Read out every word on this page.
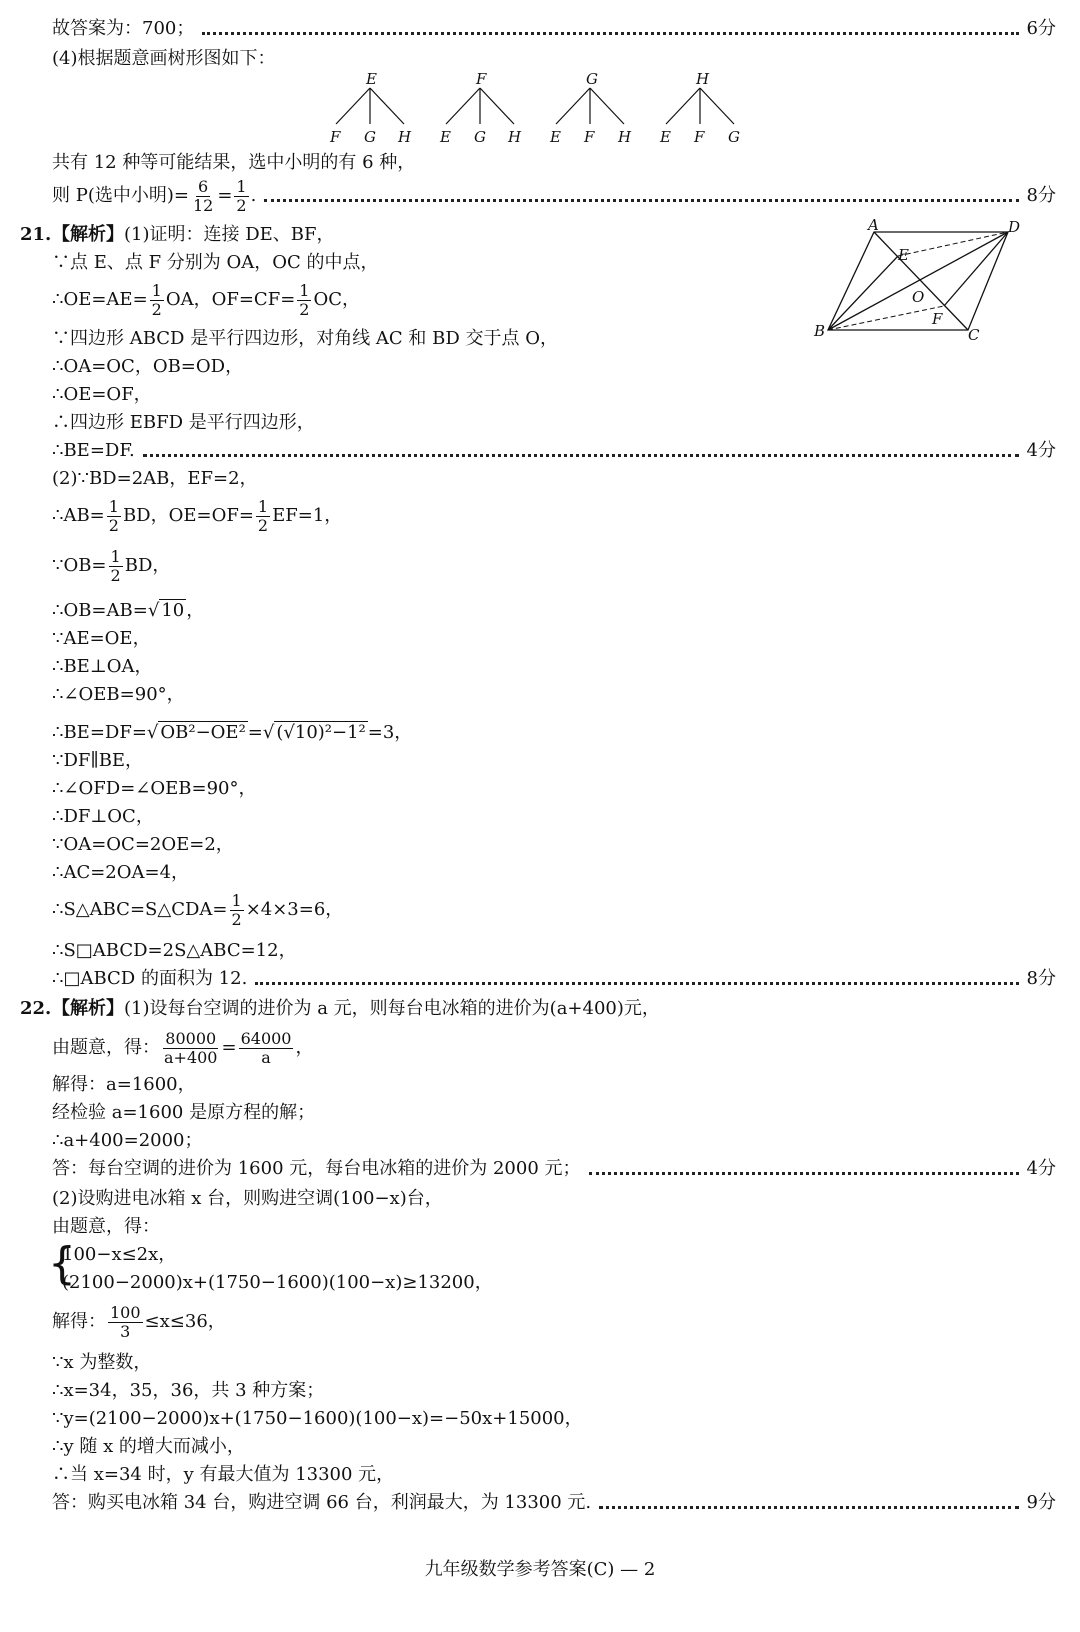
故答案为：700；	6分
(4)根据题意画树形图如下：
E
F G H
F
E G H
G
E F H
H
E F G
共有 12 种等可能结果，选中小明的有 6 种，
则 P(选中小明)= $\frac{6}{12} = \frac{1}{2}$ .	8分
21. 【解析】(1)证明：连接 DE、BF，	A	D
B	C
E
F
O
∵点 E、点 F 分别为 OA，OC 的中点，
∴OE=AE= $\frac{1}{2}$ OA，$OF=CF= \frac{1}{2}$ OC，
∵四边形 ABCD 是平行四边形，对角线 AC 和 BD 交于点 O，
∴OA=OC，OB=OD，
∴OE=OF，
∴四边形 EBFD 是平行四边形，
∴BE=DF.	4分
(2)∵BD=2AB，EF=2，
∴AB= $\frac{1}{2}$ BD，$OE=OF= \frac{1}{2} EF=1$，
∵OB= $\frac{1}{2}$ BD，
∴OB=AB=√ 10 ，
∵AE=OE，
∴BE⊥OA，
∴∠OEB=90°，
∴BE=DF=√ OB²−OE² =√ (√10)²−1² =3，
∵DF∥BE，
∴∠OFD=∠OEB=90°，
∴DF⊥OC，
∵OA=OC=2OE=2，
∴AC=2OA=4，
∴S△ABC=S△CDA= $\frac{1}{2} \times 4\times 3=6$，
∴S□ABCD=2S△ABC=12，
∴□ABCD 的面积为 12.	8分
22. 【解析】(1)设每台空调的进价为 a 元，则每台电冰箱的进价为(a+400)元，
由题意，得： $\frac{80000}{a+400} = \frac{64000}{a}$ ，
解得：a=1600，
经检验 a=1600 是原方程的解；
∴a+400=2000；
答：每台空调的进价为 1600 元，每台电冰箱的进价为 2000 元；	4分
(2)设购进电冰箱 x 台，则购进空调(100−x)台，
由题意，得：
{
100−x≤2x，
(2100−2000)x+(1750−1600)(100−x)≥13200，
解得： $\frac{100}{3} \le x\le 36$，
∵x 为整数，
∴x=34，35，36，共 3 种方案；
∵y=(2100−2000)x+(1750−1600)(100−x)=−50x+15000，
∴y 随 x 的增大而减小，
∴当 x=34 时，y 有最大值为 13300 元，
答：购买电冰箱 34 台，购进空调 66 台，利润最大，为 13300 元.	9分
九年级数学参考答案(C) — 2
